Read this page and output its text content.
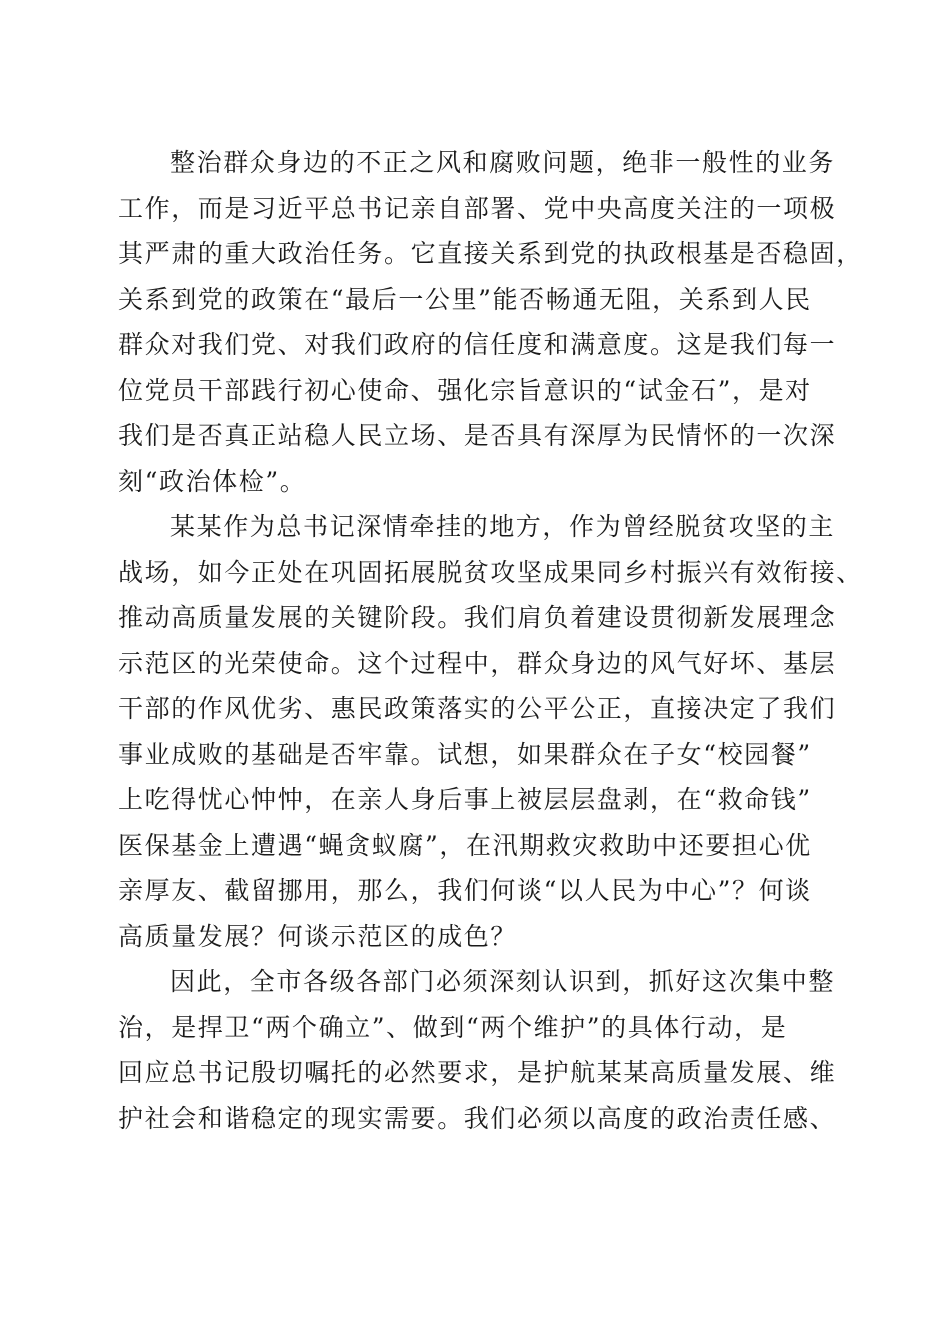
整治群众身边的不正之风和腐败问题，绝非一般性的业务
工作，而是习近平总书记亲自部署、党中央高度关注的一项极
其严肃的重大政治任务。它直接关系到党的执政根基是否稳固，
关系到党的政策在“最后一公里”能否畅通无阻，关系到人民
群众对我们党、对我们政府的信任度和满意度。这是我们每一
位党员干部践行初心使命、强化宗旨意识的“试金石”，是对
我们是否真正站稳人民立场、是否具有深厚为民情怀的一次深
刻“政治体检”。
某某作为总书记深情牵挂的地方，作为曾经脱贫攻坚的主
战场，如今正处在巩固拓展脱贫攻坚成果同乡村振兴有效衔接、
推动高质量发展的关键阶段。我们肩负着建设贯彻新发展理念
示范区的光荣使命。这个过程中，群众身边的风气好坏、基层
干部的作风优劣、惠民政策落实的公平公正，直接决定了我们
事业成败的基础是否牢靠。试想，如果群众在子女“校园餐”
上吃得忧心忡忡，在亲人身后事上被层层盘剥，在“救命钱”
医保基金上遭遇“蝇贪蚁腐”，在汛期救灾救助中还要担心优
亲厚友、截留挪用，那么，我们何谈“以人民为中心”？何谈
高质量发展？何谈示范区的成色？
因此，全市各级各部门必须深刻认识到，抓好这次集中整
治，是捍卫“两个确立”、做到“两个维护”的具体行动，是
回应总书记殷切嘱托的必然要求，是护航某某高质量发展、维
护社会和谐稳定的现实需要。我们必须以高度的政治责任感、
